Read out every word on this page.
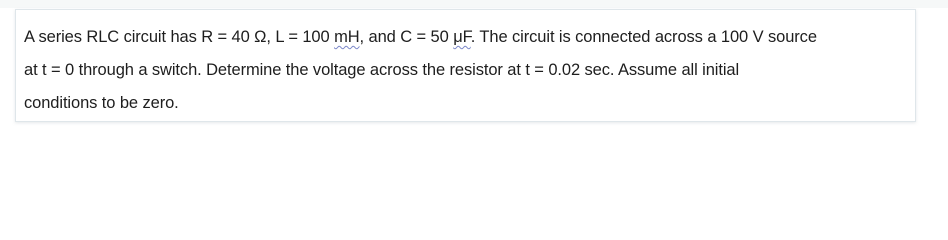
A series RLC circuit has R = 40 Ω, L = 100 mH, and C = 50 μF. The circuit is connected across a 100 V source
at t = 0 through a switch. Determine the voltage across the resistor at t = 0.02 sec. Assume all initial
conditions to be zero.
